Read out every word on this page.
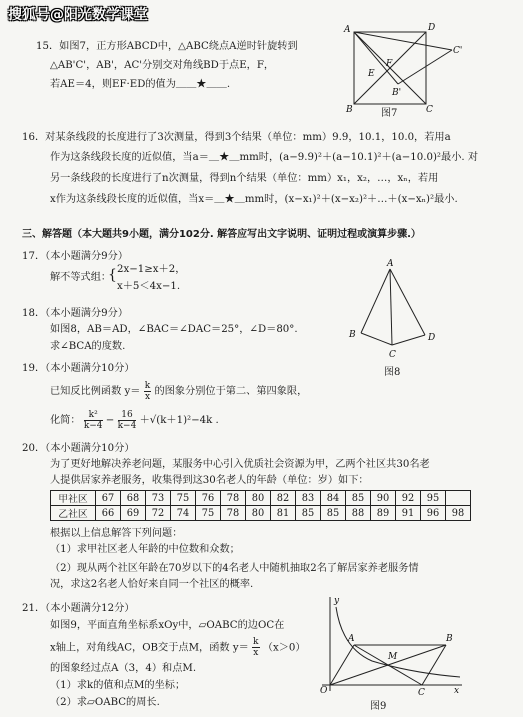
搜狐号@阳光数学课堂
15．如图7，正方形ABCD中，△ABC绕点A逆时针旋转到
△AB'C'，AB'，AC'分别交对角线BD于点E，F，
若AE＝4，则EF·ED的值为＿＿★＿＿.
A	D
C'
E
F
B'
B	C
图7
16．对某条线段的长度进行了3次测量，得到3个结果（单位：mm）9.9，10.1，10.0，若用a
作为这条线段长度的近似值，当a＝＿★＿mm时，(a−9.9)²＋(a−10.1)²＋(a−10.0)²最小. 对
另一条线段的长度进行了n次测量，得到n个结果（单位：mm）x₁，x₂，…，xₙ，若用
x作为这条线段长度的近似值，当x＝＿★＿mm时，(x−x₁)²＋(x−x₂)²＋…＋(x−xₙ)²最小.
三、解答题（本大题共9小题，满分102分. 解答应写出文字说明、证明过程或演算步骤.）
17．（本小题满分9分）
解不等式组：
{ 2x−1≥x＋2，
x＋5＜4x−1.
A
B
C
D
图8
18．（本小题满分9分）
如图8，AB＝AD，∠BAC＝∠DAC＝25°，∠D＝80°.
求∠BCA的度数.
19．（本小题满分10分）
已知反比例函数 $y= \frac{k}{x}$ 的图象分别位于第二、第四象限，
化简： $\frac{\text{k²}}{k-4} - \frac{16}{k-4} +√(k+1)^2-4k$ .
20．（本小题满分10分）
为了更好地解决养老问题，某服务中心引入优质社会资源为甲，乙两个社区共30名老
人提供居家养老服务，收集得到这30名老人的年龄（单位：岁）如下：
甲社区	67	68	73	75	76	78	80	82	83	84	85	90	92	95	
乙社区	66	69	72	74	75	78	80	81	85	85	88	89	91	96	98
根据以上信息解答下列问题：
（1）求甲社区老人年龄的中位数和众数；
（2）现从两个社区年龄在70岁以下的4名老人中随机抽取2名了解居家养老服务情
况，求这2名老人恰好来自同一个社区的概率.
21．（本小题满分12分）
如图9，平面直角坐标系xOy中，▱OABC的边OC在
x轴上，对角线AC，OB交于点M，函数 $y= \frac{k}{x} (x>0)$
的图象经过点A（3，4）和点M.
（1）求k的值和点M的坐标；
（2）求▱OABC的周长.
y
A	B
M
O	C	x
图9
